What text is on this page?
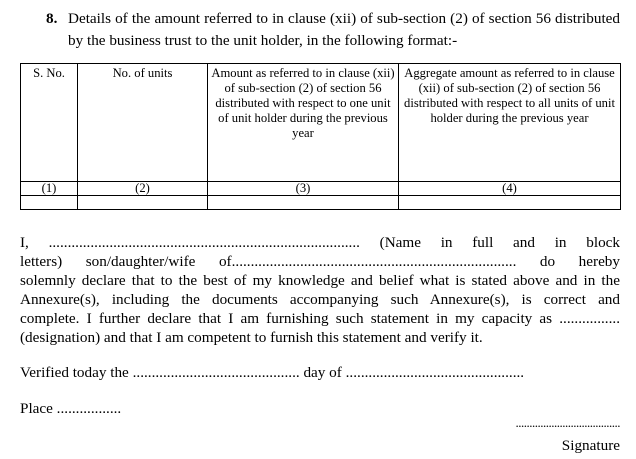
8. Details of the amount referred to in clause (xii) of sub-section (2) of section 56 distributed by the business trust to the unit holder, in the following format:-
S. No.	No. of units	Amount as referred to in clause (xii) of sub-section (2) of section 56 distributed with respect to one unit of unit holder during the previous year	Aggregate amount as referred to in clause (xii) of sub-section (2) of section 56 distributed with respect to all units of unit holder during the previous year
(1)	(2)	(3)	(4)

I, .................................................................................. (Name in full and in block

letters) son/daughter/wife of........................................................................... do hereby

solemnly declare that to the best of my knowledge and belief what is stated above and in the

Annexure(s), including the documents accompanying such Annexure(s), is correct and

complete. I further declare that I am furnishing such statement in my capacity as ................

(designation) and that I am competent to furnish this statement and verify it.

Verified today the ............................................ day of ...............................................
Place .................
......................................
Signature
